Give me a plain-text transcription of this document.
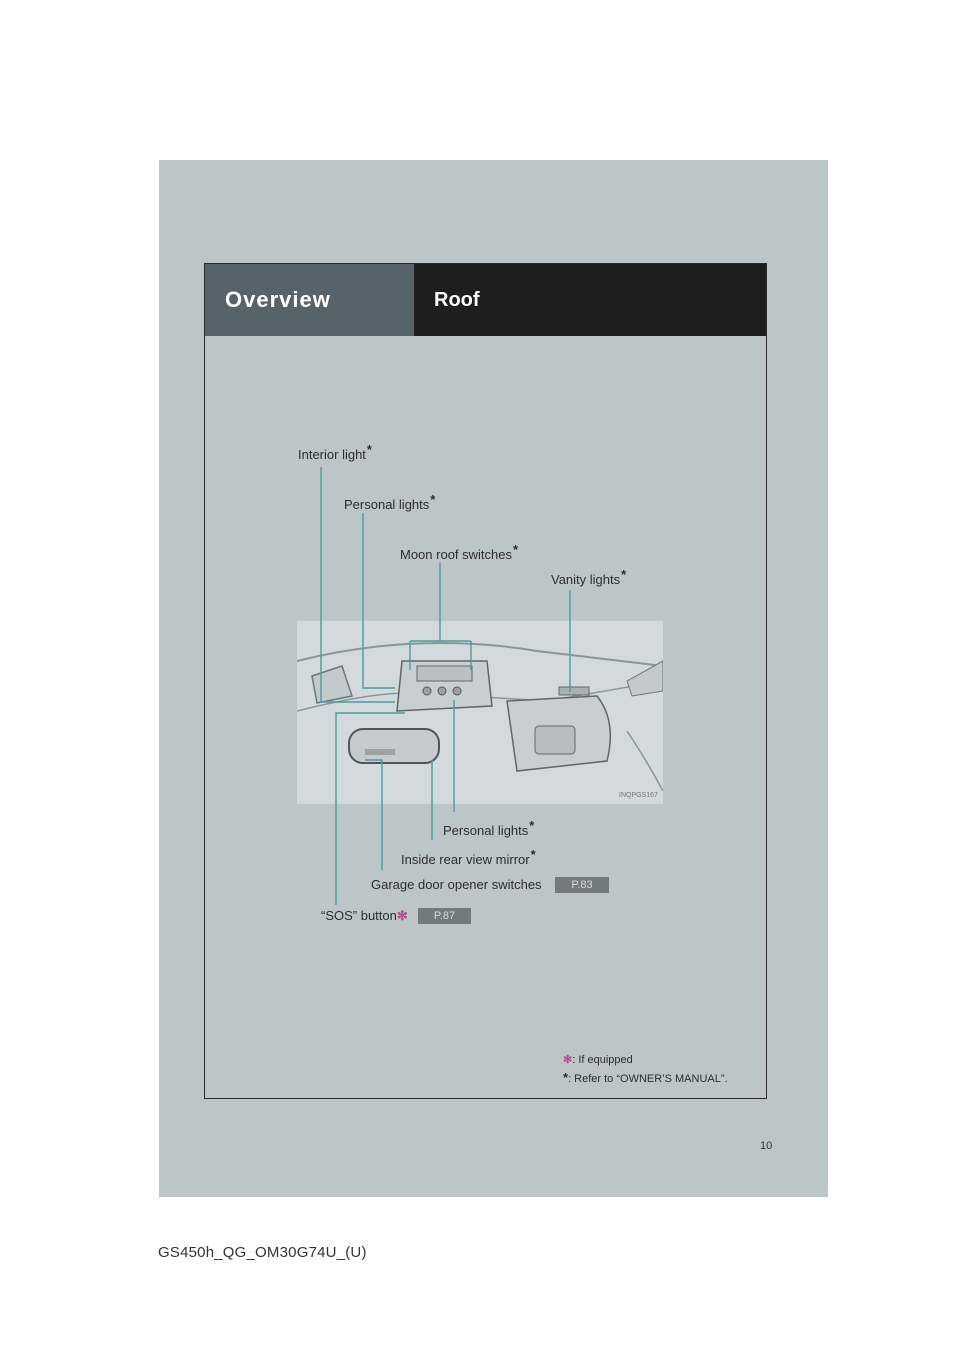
Overview	Roof
INQPGS167
Interior light*
Personal lights*
Moon roof switches*
Vanity lights*
Personal lights*
Inside rear view mirror*
Garage door opener switches	P.83
“SOS” button✻	P.87
✻: If equipped
*: Refer to “OWNER’S MANUAL”.
10
GS450h_QG_OM30G74U_(U)
